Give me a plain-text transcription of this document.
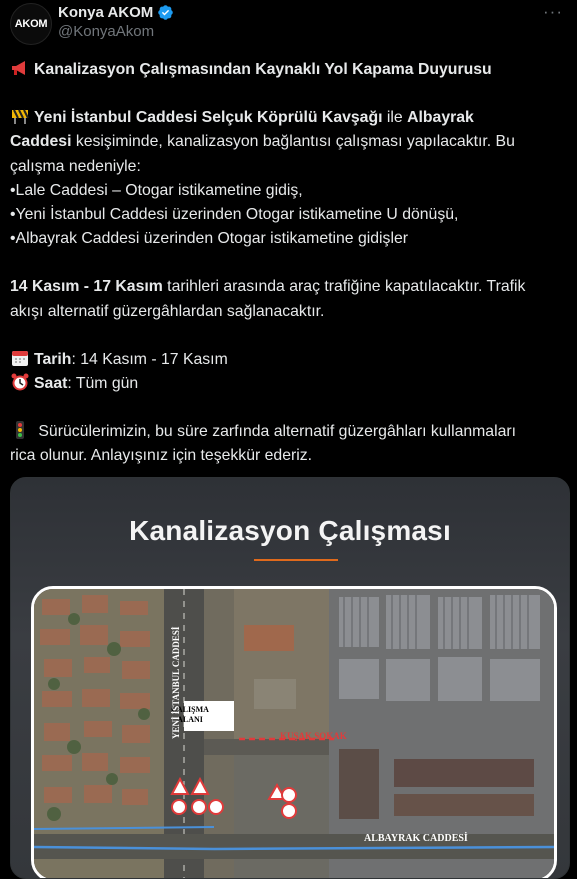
AKOM
Konya AKOM
@KonyaAkom
···
Kanalizasyon Çalışmasından Kaynaklı Yol Kapama Duyurusu
Yeni İstanbul Caddesi Selçuk Köprülü Kavşağı ile Albayrak
Caddesi kesişiminde, kanalizasyon bağlantısı çalışması yapılacaktır. Bu
çalışma nedeniyle:
•Lale Caddesi – Otogar istikametine gidiş,
•Yeni İstanbul Caddesi üzerinden Otogar istikametine U dönüşü,
•Albayrak Caddesi üzerinden Otogar istikametine gidişler
14 Kasım - 17 Kasım tarihleri arasında araç trafiğine kapatılacaktır. Trafik
akışı alternatif güzergâhlardan sağlanacaktır.
Tarih: 14 Kasım - 17 Kasım
Saat: Tüm gün
Sürücülerimizin, bu süre zarfında alternatif güzergâhları kullanmaları
rica olunur. Anlayışınız için teşekkür ederiz.
Kanalizasyon Çalışması
ÇALIŞMA
ALANI
KUŞAK SOKAK
ALBAYRAK CADDESİ
YENİ İSTANBUL CADDESİ
